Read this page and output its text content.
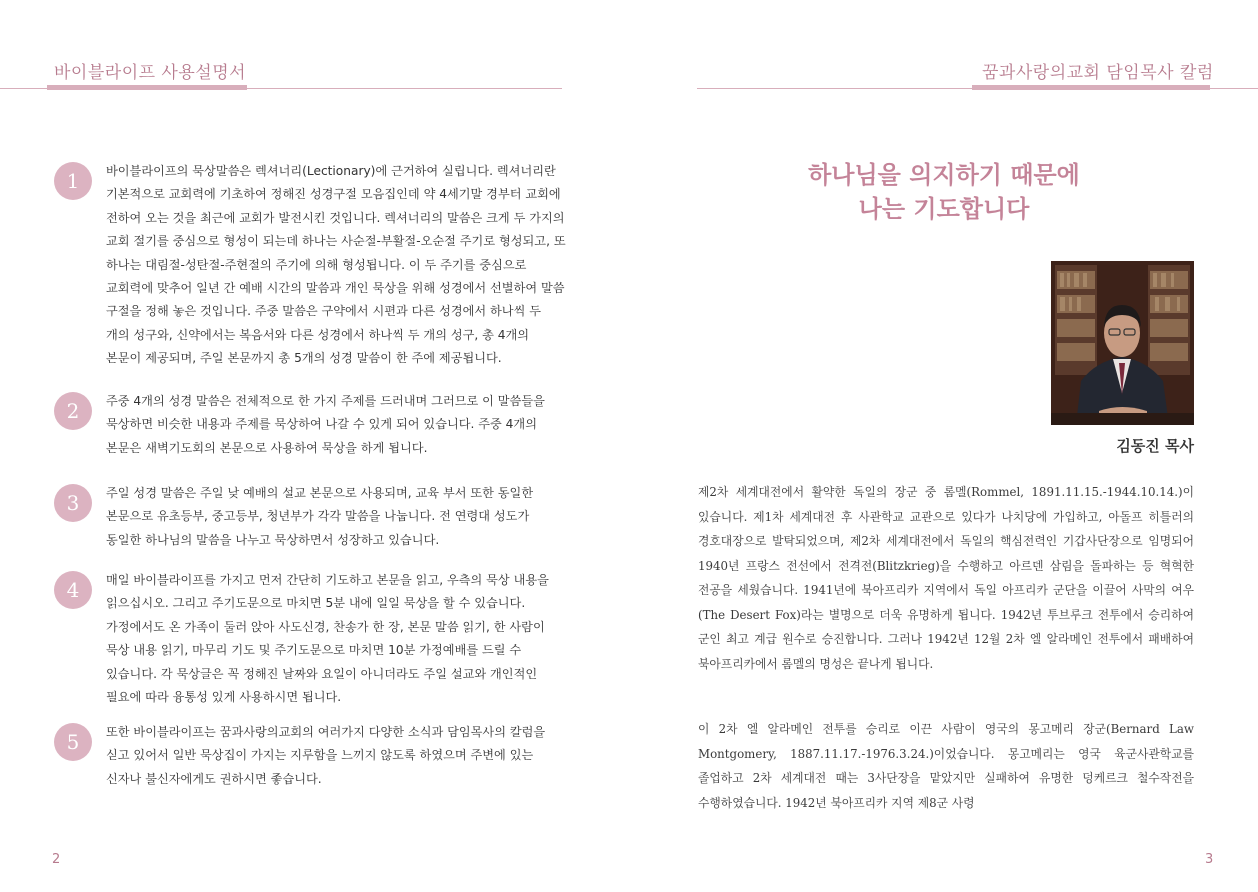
바이블라이프 사용설명서
1	바이블라이프의 묵상말씀은 렉셔너리(Lectionary)에 근거하여 실립니다. 렉셔너리란 기본적으로 교회력에 기초하여 정해진 성경구절 모음집인데 약 4세기말 경부터 교회에 전하여 오는 것을 최근에 교회가 발전시킨 것입니다. 렉셔너리의 말씀은 크게 두 가지의 교회 절기를 중심으로 형성이 되는데 하나는 사순절-부활절-오순절 주기로 형성되고, 또 하나는 대림절-성탄절-주현절의 주기에 의해 형성됩니다. 이 두 주기를 중심으로 교회력에 맞추어 일년 간 예배 시간의 말씀과 개인 묵상을 위해 성경에서 선별하여 말씀 구절을 정해 놓은 것입니다. 주중 말씀은 구약에서 시편과 다른 성경에서 하나씩 두 개의 성구와, 신약에서는 복음서와 다른 성경에서 하나씩 두 개의 성구, 총 4개의 본문이 제공되며, 주일 본문까지 총 5개의 성경 말씀이 한 주에 제공됩니다.
2	주중 4개의 성경 말씀은 전체적으로 한 가지 주제를 드러내며 그러므로 이 말씀들을 묵상하면 비슷한 내용과 주제를 묵상하여 나갈 수 있게 되어 있습니다. 주중 4개의 본문은 새벽기도회의 본문으로 사용하여 묵상을 하게 됩니다.
3	주일 성경 말씀은 주일 낮 예배의 설교 본문으로 사용되며, 교육 부서 또한 동일한 본문으로 유초등부, 중고등부, 청년부가 각각 말씀을 나눕니다. 전 연령대 성도가 동일한 하나님의 말씀을 나누고 묵상하면서 성장하고 있습니다.
4	매일 바이블라이프를 가지고 먼저 간단히 기도하고 본문을 읽고, 우측의 묵상 내용을 읽으십시오. 그리고 주기도문으로 마치면 5분 내에 일일 묵상을 할 수 있습니다. 가정에서도 온 가족이 둘러 앉아 사도신경, 찬송가 한 장, 본문 말씀 읽기, 한 사람이 묵상 내용 읽기, 마무리 기도 및 주기도문으로 마치면 10분 가정예배를 드릴 수 있습니다. 각 묵상글은 꼭 정해진 날짜와 요일이 아니더라도 주일 설교와 개인적인 필요에 따라 융통성 있게 사용하시면 됩니다.
5	또한 바이블라이프는 꿈과사랑의교회의 여러가지 다양한 소식과 담임목사의 칼럼을 싣고 있어서 일반 묵상집이 가지는 지루함을 느끼지 않도록 하였으며 주변에 있는 신자나 불신자에게도 권하시면 좋습니다.
2
꿈과사랑의교회 담임목사 칼럼
하나님을 의지하기 때문에
나는 기도합니다
김동진 목사
제2차 세계대전에서 활약한 독일의 장군 중 롬멜(Rommel, 1891.11.15.-1944.10.14.)이 있습니다. 제1차 세계대전 후 사관학교 교관으로 있다가 나치당에 가입하고, 아돌프 히틀러의 경호대장으로 발탁되었으며, 제2차 세계대전에서 독일의 핵심전력인 기갑사단장으로 임명되어 1940년 프랑스 전선에서 전격전(Blitzkrieg)을 수행하고 아르덴 삼림을 돌파하는 등 혁혁한 전공을 세웠습니다. 1941년에 북아프리카 지역에서 독일 아프리카 군단을 이끌어 사막의 여우(The Desert Fox)라는 별명으로 더욱 유명하게 됩니다. 1942년 투브루크 전투에서 승리하여 군인 최고 계급 원수로 승진합니다. 그러나 1942년 12월 2차 엘 알라메인 전투에서 패배하여 북아프리카에서 롬멜의 명성은 끝나게 됩니다.
이 2차 엘 알라메인 전투를 승리로 이끈 사람이 영국의 몽고메리 장군(Bernard Law Montgomery, 1887.11.17.-1976.3.24.)이었습니다. 몽고메리는 영국 육군사관학교를 졸업하고 2차 세계대전 때는 3사단장을 맡았지만 실패하여 유명한 덩케르크 철수작전을 수행하였습니다. 1942년 북아프리카 지역 제8군 사령
3
